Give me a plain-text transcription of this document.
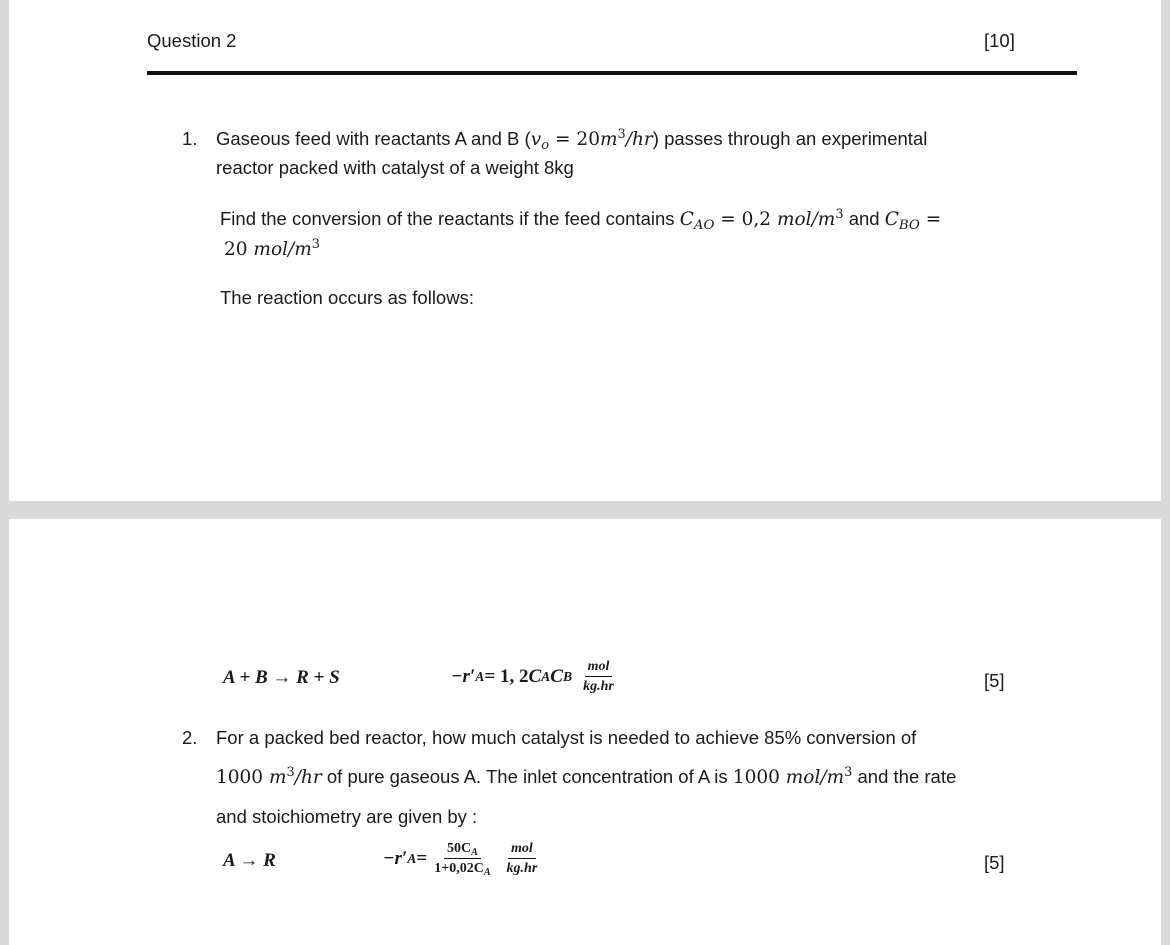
Question 2	[10]
1. Gaseous feed with reactants A and B $(v_o = 20m^3/hr)$ passes through an experimental
reactor packed with catalyst of a weight 8kg
Find the conversion of the reactants if the feed contains $C_{AO} = 0,2$ mol/$m^3$ and $C_{BO}$ =
20 mol/$m^3$
The reaction occurs as follows:
A + B → R + S	−r′ A = 1, 2 C A C B $\frac{\text{mol}}{kg.hr}$	[5]
2. For a packed bed reactor, how much catalyst is needed to achieve 85% conversion of
1000 $m^3/hr$ of pure gaseous A. The inlet concentration of A is 1000 mol/$m^3$ and the rate
and stoichiometry are given by :
A → R	−r′ $A = \frac{50C_A}{1+0,02C_A} \frac{\text{mol}}{kg.hr}$	[5]
